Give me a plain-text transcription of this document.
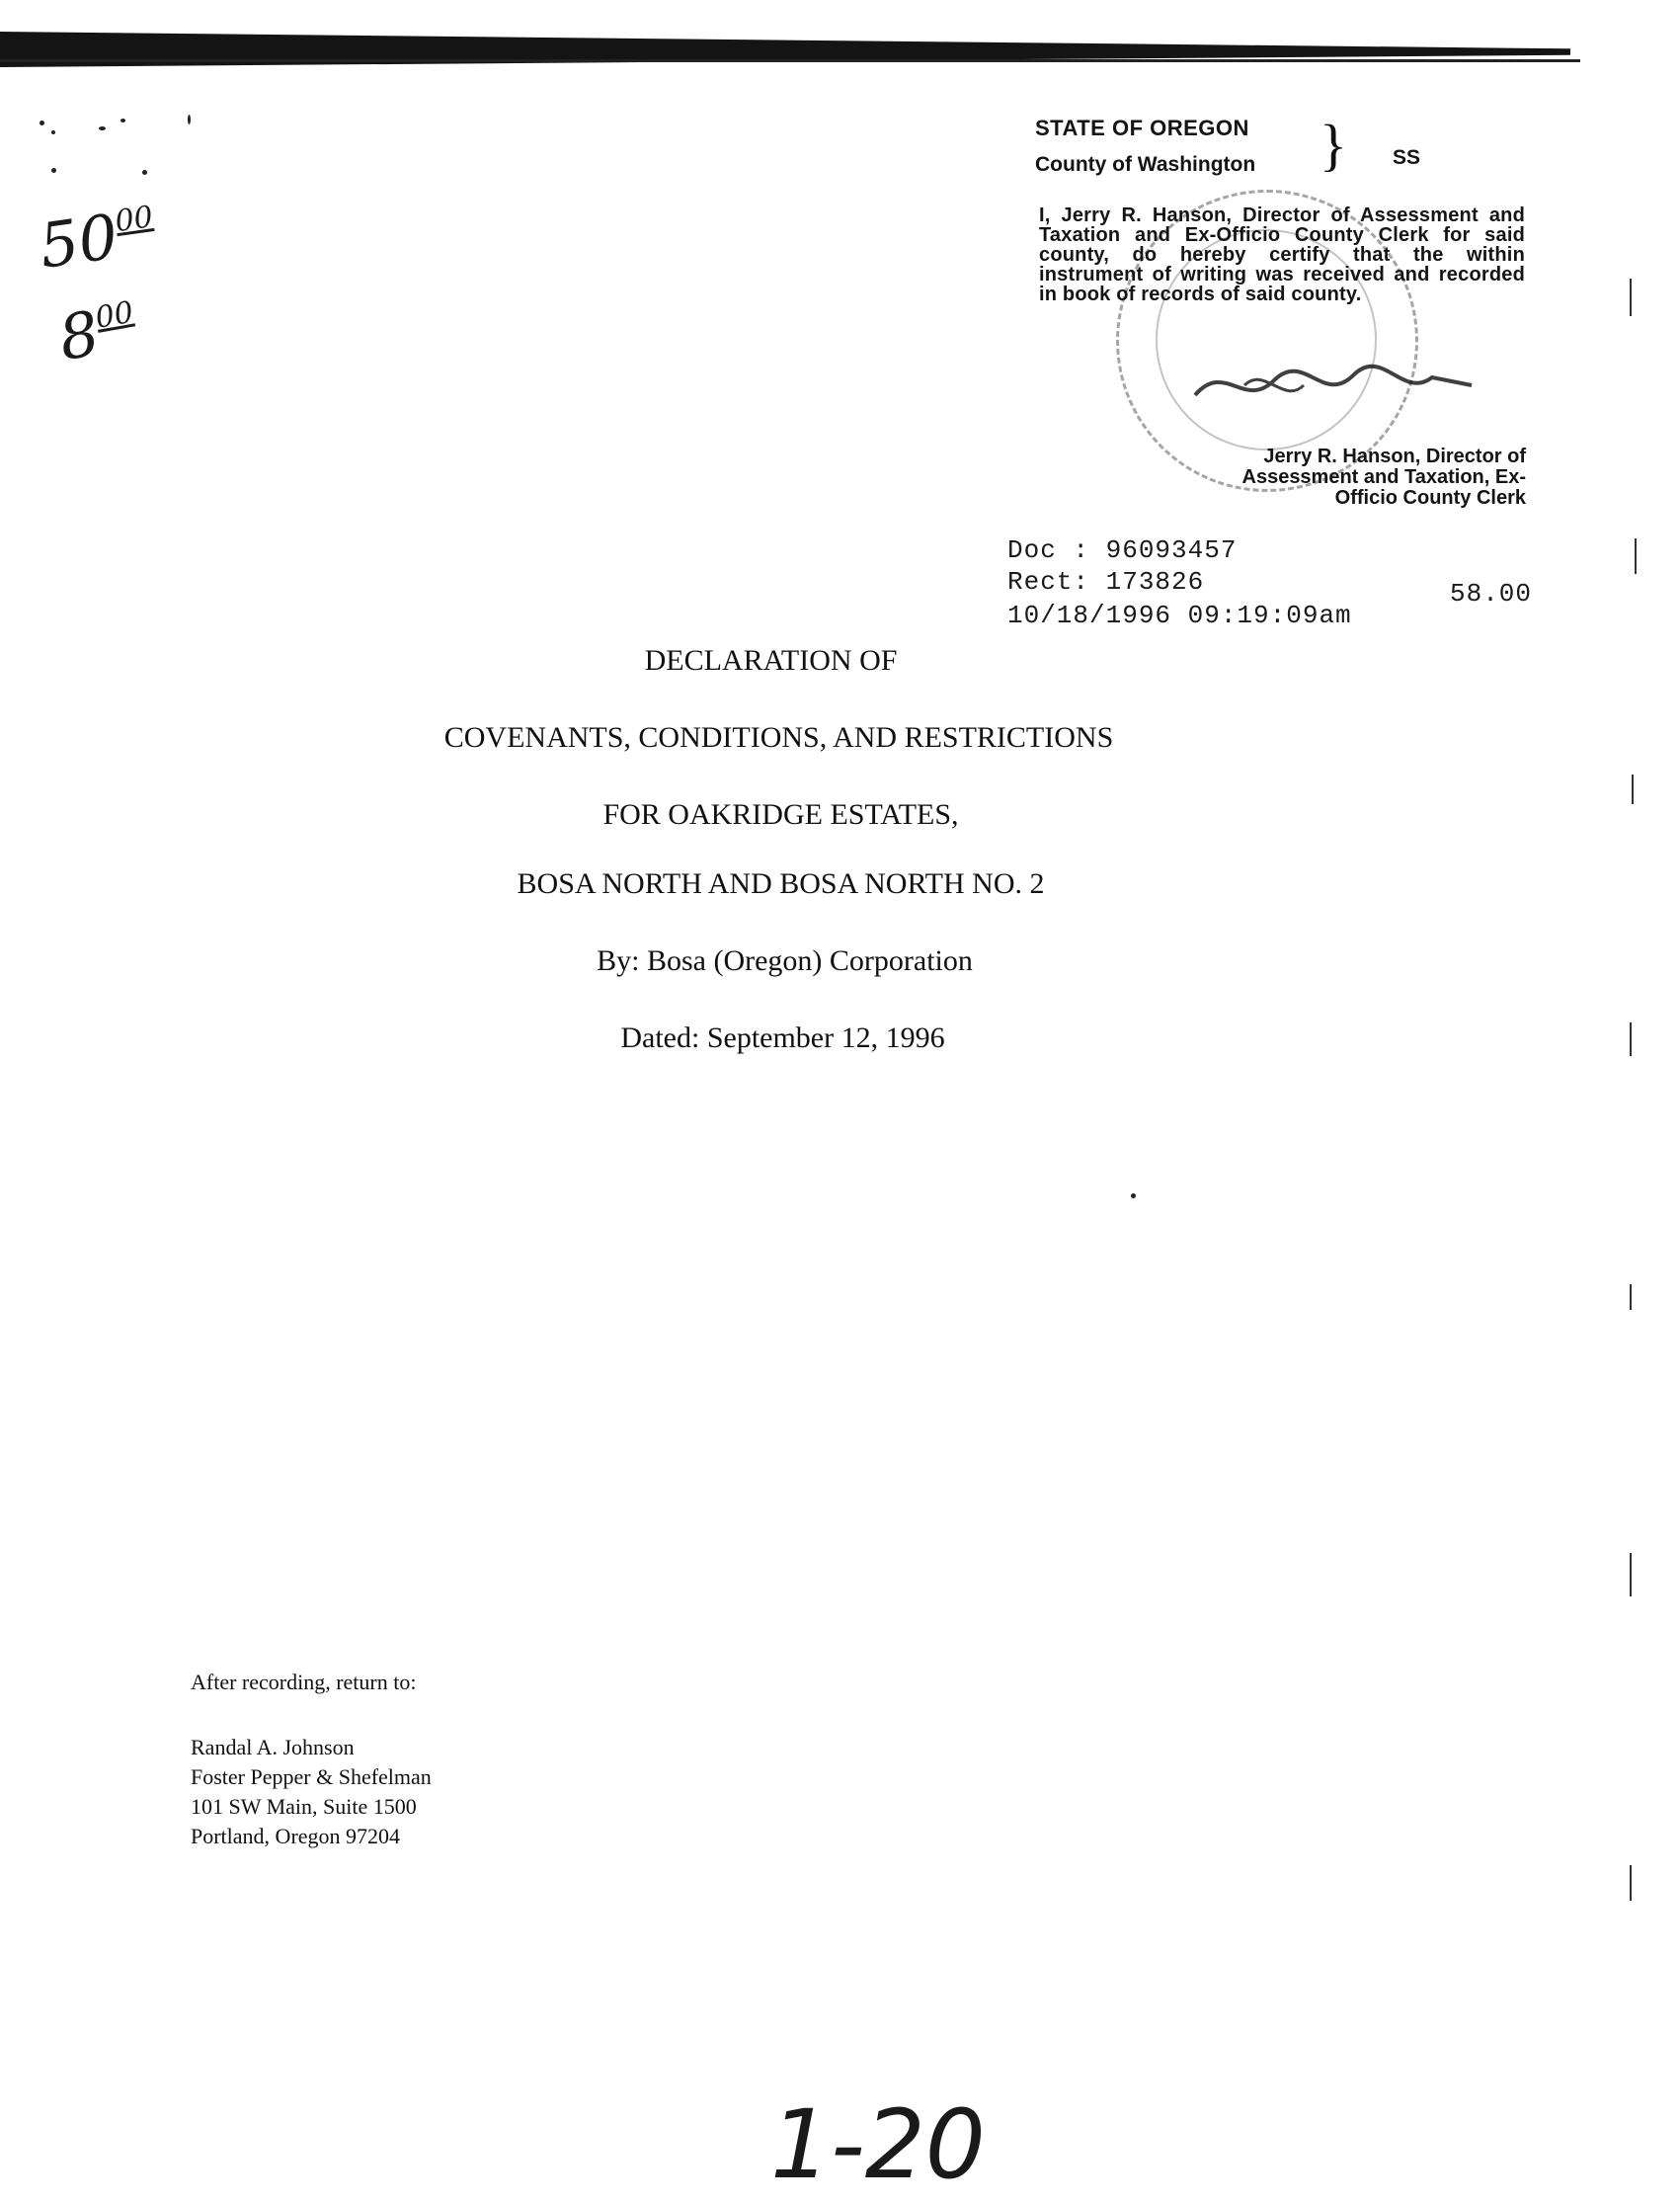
$50^{00}$
$8^{00}$
STATE OF OREGON
County of Washington } SS
I, Jerry R. Hanson, Director of Assessment and Taxation and Ex-Officio County Clerk for said county, do hereby certify that the within instrument of writing was received and recorded in book of records of said county.
Jerry R. Hanson, Director of Assessment and Taxation, Ex-Officio County Clerk
Doc : 96093457
Rect: 173826	58.00
10/18/1996 09:19:09am
DECLARATION OF
COVENANTS, CONDITIONS, AND RESTRICTIONS
FOR OAKRIDGE ESTATES,
BOSA NORTH AND BOSA NORTH NO. 2
By: Bosa (Oregon) Corporation
Dated: September 12, 1996
After recording, return to:
Randal A. Johnson
Foster Pepper & Shefelman
101 SW Main, Suite 1500
Portland, Oregon 97204
1-20
